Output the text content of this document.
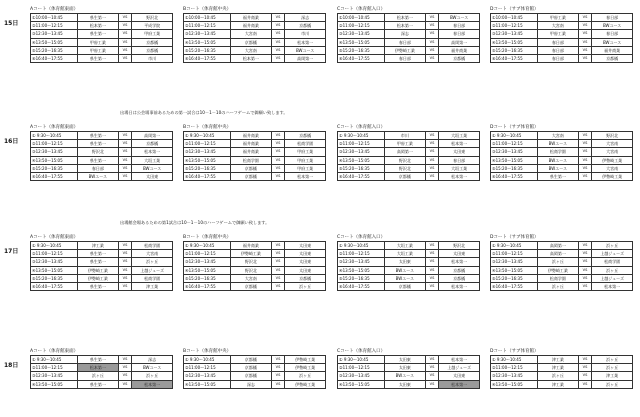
15日
Aコート（体育館東面）
①10:00〜10:45	県生第一	VS	野沢北
②11:00〜12:15	松本第一	VS	平成学院
③12:30〜13:45	県生第一	VS	甲府工業
④13:50〜15:05	甲府工業	VS	京都橘
⑤15:20〜16:35	甲府工業	VS	京都橘
⑥16:40〜17:55	県生第一	VS	市川
Bコート（体育館中央）
①10:00〜10:45	福井商業	VS	深志
②11:00〜12:15	福井商業	VS	京都橘
③12:30〜13:45	大宮南	VS	市川
④13:50〜15:05	京都橘	VS	松本第一
⑤15:20〜16:35	大宮南	VS	BWユース
⑥16:40〜17:55	松本第一	VS	高岡第一
Cコート（体育館入口）
①10:00〜10:45	松本第一	VS	BWユース
②11:00〜12:15	松本第一	VS	春日部
③12:30〜13:45	深志	VS	春日部
④13:50〜15:05	春日部	VS	高岡第一
⑤15:20〜16:35	伊勢崎工業	VS	福井商業
⑥16:40〜17:55	春日部	VS	京都橘
Dコート（サブ体育館）
①10:00〜10:45	甲府工業	VS	春日部
②11:00〜12:15	大宮南	VS	BWユース
③12:30〜13:45	甲府工業	VS	春日部
④13:50〜15:05	春日部	VS	BWユース
⑤15:20〜16:35	春日部	VS	福井商業
⑥16:40〜17:55	春日部	VS	京都橘
出場日は公会場事前あるための第一試合は10－1－10のハーフゲームで御願い致します。
16日
Aコート（体育館東面）
① 9:30〜10:45	県生第一	VS	高岡第一
②11:00〜12:15	県生第一	VS	京都橘
③12:30〜13:45	野沢北	VS	松本第一
④13:50〜15:05	県生第一	VS	大垣工業
⑤15:20〜16:35	春日部	VS	BWユース
⑥16:40〜17:55	BWユース	VS	太田東
Bコート（体育館中央）
① 9:30〜10:45	福井商業	VS	京都橘
②11:00〜12:15	福井商業	VS	松商学園
③12:30〜13:45	福井商業	VS	甲府工業
④13:50〜15:05	松商学園	VS	甲府工業
⑤15:20〜16:35	京都橘	VS	甲府工業
⑥16:40〜17:55	京都橘	VS	松本第一
Cコート（体育館入口）
① 9:30〜10:45	市川	VS	大垣工業
②11:00〜12:15	甲府工業	VS	松本第一
③12:30〜13:45	高岡第一	VS	太田東
④13:50〜15:05	野沢北	VS	春日部
⑤15:20〜16:35	野沢北	VS	大垣工業
⑥16:40〜17:55	京都橘	VS	松本第一
Dコート（サブ体育館）
① 9:30〜10:45	大宮南	VS	野沢北
②11:00〜12:15	BWユース	VS	大宮南
③12:30〜13:45	松商学園	VS	大宮南
④13:50〜15:05	BWユース	VS	伊勢崎工業
⑤15:20〜16:35	BWユース	VS	大宮南
⑥16:40〜17:55	県生第一	VS	伊勢崎工業
出場館会場あるための第1試合は10－1－10のハーフゲームで御願い致します。
17日
Aコート（体育館東面）
① 9:30〜10:45	津工業	VS	松商学園
②11:00〜12:15	県生第一	VS	大宮南
③12:30〜13:45	県生第一	VS	浜ヶ丘
④13:50〜15:05	伊勢崎工業	VS	上越ジューズ
⑤15:20〜16:35	伊勢崎工業	VS	松商学園
⑥16:40〜17:55	県生第一	VS	津工業
Bコート（体育館中央）
① 9:30〜10:45	福井商業	VS	太田東
②11:00〜12:15	伊勢崎工業	VS	太田東
③12:30〜13:45	野沢北	VS	太田東
④13:50〜15:05	野沢北	VS	太田東
⑤15:20〜16:35	大宮南	VS	京都橘
⑥16:40〜17:55	京都橘	VS	浜ヶ丘
Cコート（体育館入口）
① 9:30〜10:45	大垣工業	VS	野沢北
②11:00〜12:15	大垣工業	VS	太田東
③12:30〜13:45	太田東	VS	松本第一
④13:50〜15:05	BWユース	VS	京都橘
⑤15:20〜16:35	BWユース	VS	京都橘
⑥16:40〜17:55	京都橘	VS	松本第一
Dコート（サブ体育館）
① 9:30〜10:45	高岡第一	VS	浜ヶ丘
②11:00〜12:15	高岡第一	VS	上越ジューズ
③12:30〜13:45	浜ヶ丘	VS	松商学園
④13:50〜15:05	伊勢崎工業	VS	浜ヶ丘
⑤15:20〜16:35	松商学園	VS	上越ジューズ
⑥16:40〜17:55	浜ヶ丘	VS	松本第一
18日
Aコート（体育館東面）
① 9:30〜10:45	県生第一	VS	深志
②11:00〜12:15	松本第一	VS	BWユース
③12:30〜13:45	浜ヶ丘	VS	浜ヶ丘
④13:50〜15:05	県生第一	VS	松本第一
Bコート（体育館中央）
① 9:30〜10:45	京都橘	VS	伊勢崎工業
②11:00〜12:15	京都橘	VS	伊勢崎工業
③12:30〜13:45	京都橘	VS	浜ヶ丘
④13:50〜15:05	深志	VS	伊勢崎工業
Cコート（体育館入口）
① 9:30〜10:45	太田東	VS	松本第一
②11:00〜12:15	太田東	VS	上越ジューズ
③12:30〜13:45	BWユース	VS	太田東
④13:50〜15:05	太田東	VS	松本第一
Dコート（サブ体育館）
① 9:30〜10:45	津工業	VS	浜ヶ丘
②11:00〜12:15	津工業	VS	浜ヶ丘
③12:30〜13:45	浜ヶ丘	VS	津工業
④13:50〜15:05	津工業	VS	浜ヶ丘
